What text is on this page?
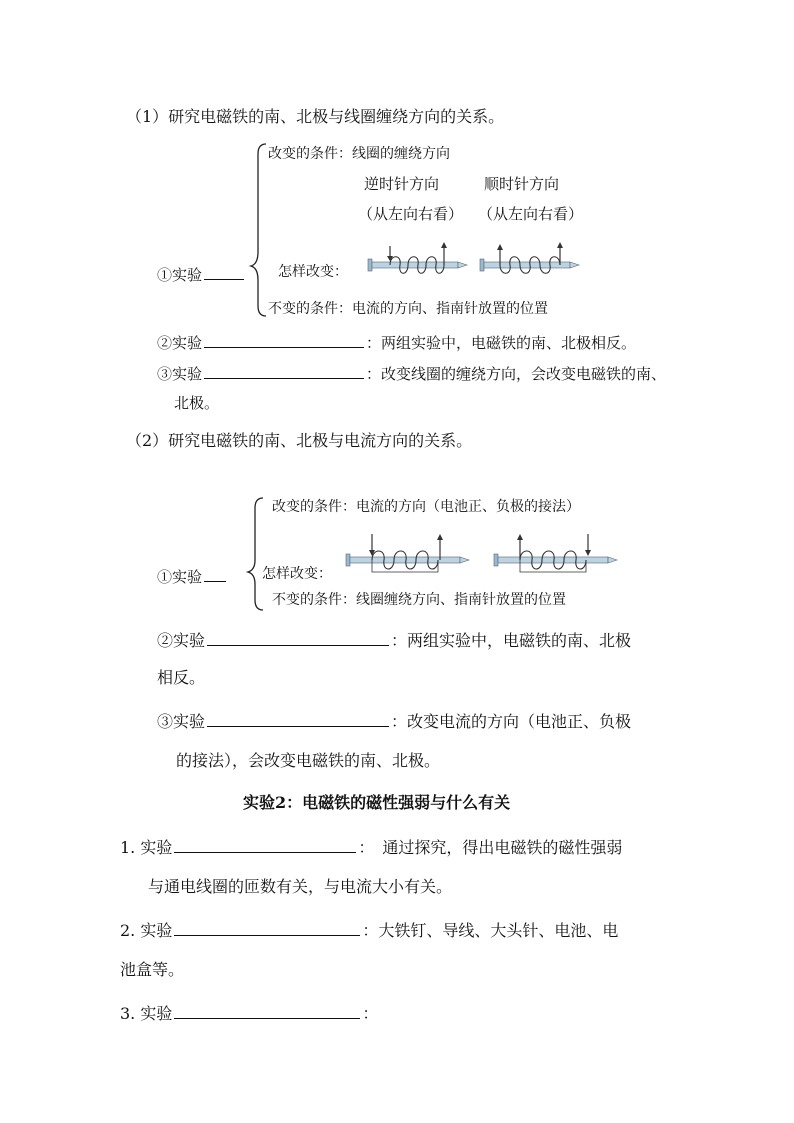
（1）研究电磁铁的南、北极与线圈缠绕方向的关系。
改变的条件：线圈的缠绕方向
逆时针方向	顺时针方向
（从左向右看） （从左向右看）
①实验	怎样改变：
不变的条件：电流的方向、指南针放置的位置
②实验	：两组实验中，电磁铁的南、北极相反。
③实验	：改变线圈的缠绕方向，会改变电磁铁的南、
北极。
（2）研究电磁铁的南、北极与电流方向的关系。
改变的条件：电流的方向（电池正、负极的接法）
①实验	怎样改变：
不变的条件：线圈缠绕方向、指南针放置的位置
②实验	：两组实验中，电磁铁的南、北极
相反。
③实验	：改变电流的方向（电池正、负极
的接法），会改变电磁铁的南、北极。
实验2：电磁铁的磁性强弱与什么有关
1. 实验	：　通过探究，得出电磁铁的磁性强弱
与通电线圈的匝数有关，与电流大小有关。
2. 实验	：大铁钉、导线、大头针、电池、电
池盒等。
3. 实验	：
